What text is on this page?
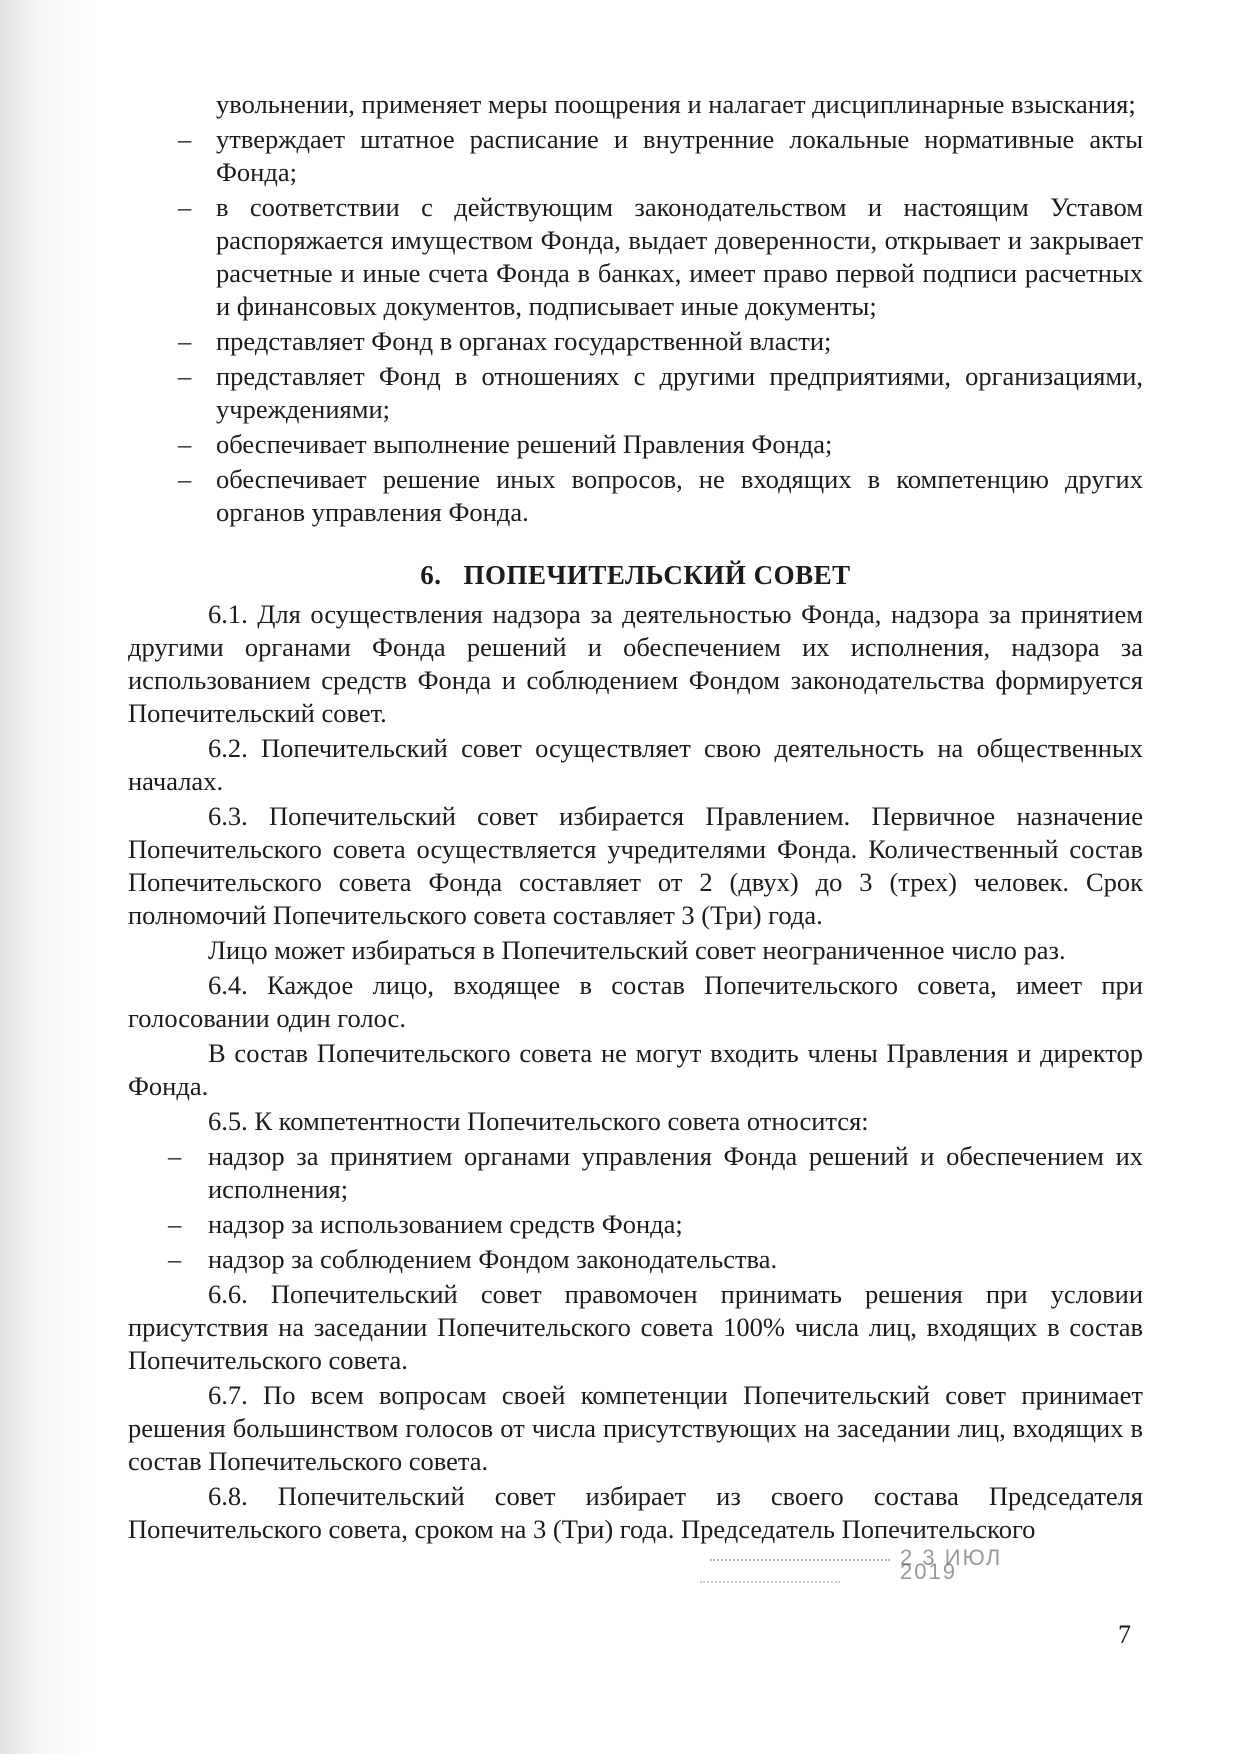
увольнении, применяет меры поощрения и налагает дисциплинарные взыскания;
– утверждает штатное расписание и внутренние локальные нормативные акты Фонда;
– в соответствии с действующим законодательством и настоящим Уставом распоряжается имуществом Фонда, выдает доверенности, открывает и закрывает расчетные и иные счета Фонда в банках, имеет право первой подписи расчетных и финансовых документов, подписывает иные документы;
– представляет Фонд в органах государственной власти;
– представляет Фонд в отношениях с другими предприятиями, организациями, учреждениями;
– обеспечивает выполнение решений Правления Фонда;
– обеспечивает решение иных вопросов, не входящих в компетенцию других органов управления Фонда.
6. ПОПЕЧИТЕЛЬСКИЙ СОВЕТ

6.1. Для осуществления надзора за деятельностью Фонда, надзора за принятием другими органами Фонда решений и обеспечением их исполнения, надзора за использованием средств Фонда и соблюдением Фондом законодательства формируется Попечительский совет.

6.2. Попечительский совет осуществляет свою деятельность на общественных началах.

6.3. Попечительский совет избирается Правлением. Первичное назначение Попечительского совета осуществляется учредителями Фонда. Количественный состав Попечительского совета Фонда составляет от 2 (двух) до 3 (трех) человек. Срок полномочий Попечительского совета составляет 3 (Три) года.

Лицо может избираться в Попечительский совет неограниченное число раз.

6.4. Каждое лицо, входящее в состав Попечительского совета, имеет при голосовании один голос.

В состав Попечительского совета не могут входить члены Правления и директор Фонда.

6.5. К компетентности Попечительского совета относится:

– надзор за принятием органами управления Фонда решений и обеспечением их исполнения;
– надзор за использованием средств Фонда;
– надзор за соблюдением Фондом законодательства.

6.6. Попечительский совет правомочен принимать решения при условии присутствия на заседании Попечительского совета 100% числа лиц, входящих в состав Попечительского совета.

6.7. По всем вопросам своей компетенции Попечительский совет принимает решения большинством голосов от числа присутствующих на заседании лиц, входящих в состав Попечительского совета.

6.8. Попечительский совет избирает из своего состава Председателя Попечительского совета, сроком на 3 (Три) года. Председатель Попечительского

2 3 ИЮЛ 2019
7
